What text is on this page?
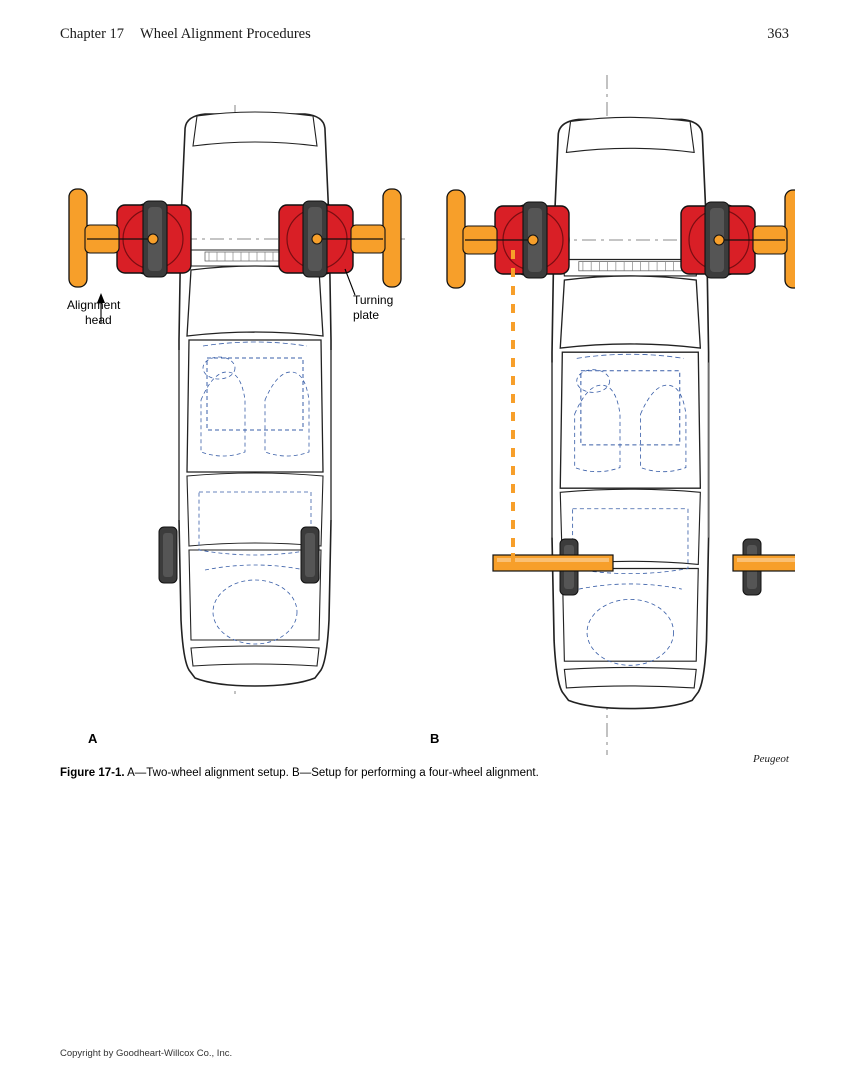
Chapter 17 Wheel Alignment Procedures	363
Alignment
head
Turning
plate
A	B
Peugeot
Figure 17-1. A—Two-wheel alignment setup. B—Setup for performing a four-wheel alignment.
Copyright by Goodheart-Willcox Co., Inc.
